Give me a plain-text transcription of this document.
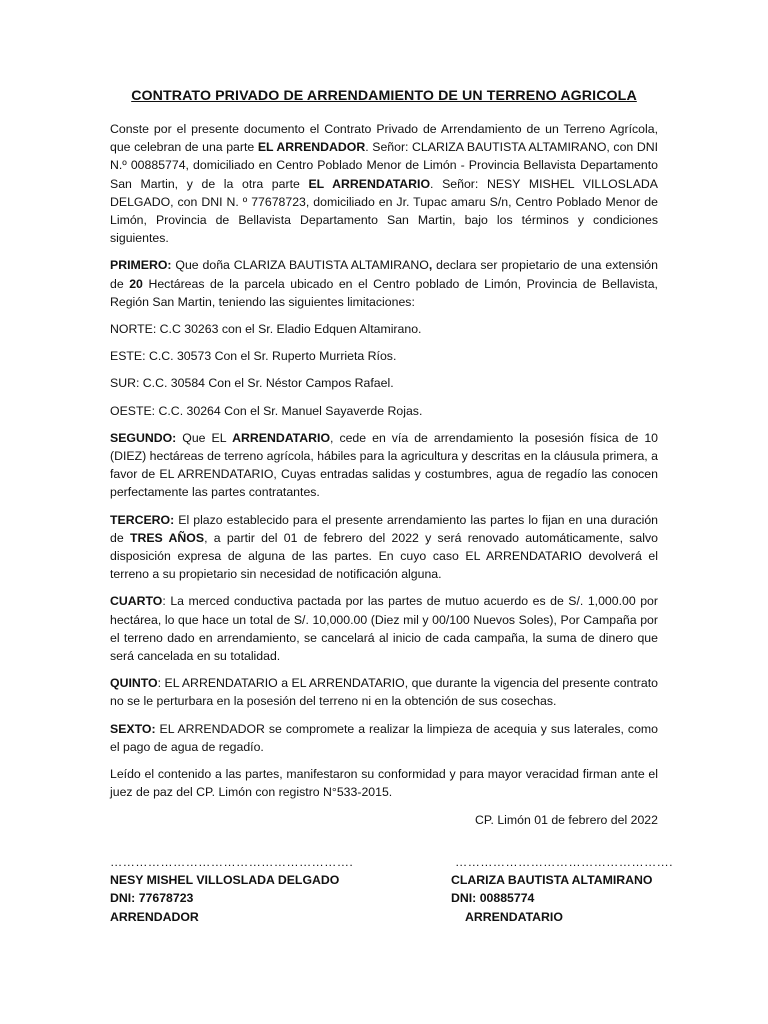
CONTRATO PRIVADO DE ARRENDAMIENTO DE UN TERRENO AGRICOLA

Conste por el presente documento el Contrato Privado de Arrendamiento de un Terreno Agrícola, que celebran de una parte EL ARRENDADOR. Señor: CLARIZA BAUTISTA ALTAMIRANO, con DNI N.º 00885774, domiciliado en Centro Poblado Menor de Limón - Provincia Bellavista Departamento San Martin, y de la otra parte EL ARRENDATARIO. Señor: NESY MISHEL VILLOSLADA DELGADO, con DNI N. º 77678723, domiciliado en Jr. Tupac amaru S/n, Centro Poblado Menor de Limón, Provincia de Bellavista Departamento San Martin, bajo los términos y condiciones siguientes.

PRIMERO: Que doña CLARIZA BAUTISTA ALTAMIRANO, declara ser propietario de una extensión de 20 Hectáreas de la parcela ubicado en el Centro poblado de Limón, Provincia de Bellavista, Región San Martin, teniendo las siguientes limitaciones:

NORTE: C.C 30263 con el Sr. Eladio Edquen Altamirano.

ESTE: C.C. 30573 Con el Sr. Ruperto Murrieta Ríos.

SUR: C.C. 30584 Con el Sr. Néstor Campos Rafael.

OESTE: C.C. 30264 Con el Sr. Manuel Sayaverde Rojas.

SEGUNDO: Que EL ARRENDATARIO, cede en vía de arrendamiento la posesión física de 10 (DIEZ) hectáreas de terreno agrícola, hábiles para la agricultura y descritas en la cláusula primera, a favor de EL ARRENDATARIO, Cuyas entradas salidas y costumbres, agua de regadío las conocen perfectamente las partes contratantes.

TERCERO: El plazo establecido para el presente arrendamiento las partes lo fijan en una duración de TRES AÑOS, a partir del 01 de febrero del 2022 y será renovado automáticamente, salvo disposición expresa de alguna de las partes. En cuyo caso EL ARRENDATARIO devolverá el terreno a su propietario sin necesidad de notificación alguna.

CUARTO: La merced conductiva pactada por las partes de mutuo acuerdo es de S/. 1,000.00 por hectárea, lo que hace un total de S/. 10,000.00 (Diez mil y 00/100 Nuevos Soles), Por Campaña por el terreno dado en arrendamiento, se cancelará al inicio de cada campaña, la suma de dinero que será cancelada en su totalidad.

QUINTO: EL ARRENDATARIO a EL ARRENDATARIO, que durante la vigencia del presente contrato no se le perturbara en la posesión del terreno ni en la obtención de sus cosechas.

SEXTO: EL ARRENDADOR se compromete a realizar la limpieza de acequia y sus laterales, como el pago de agua de regadío.

Leído el contenido a las partes, manifestaron su conformidad y para mayor veracidad firman ante el juez de paz del CP. Limón con registro N°533-2015.

CP. Limón 01 de febrero del 2022

………………………………………………….
NESY MISHEL VILLOSLADA DELGADO
DNI: 77678723
ARRENDADOR
…………………………………………….
CLARIZA BAUTISTA ALTAMIRANO
DNI: 00885774
ARRENDATARIO
